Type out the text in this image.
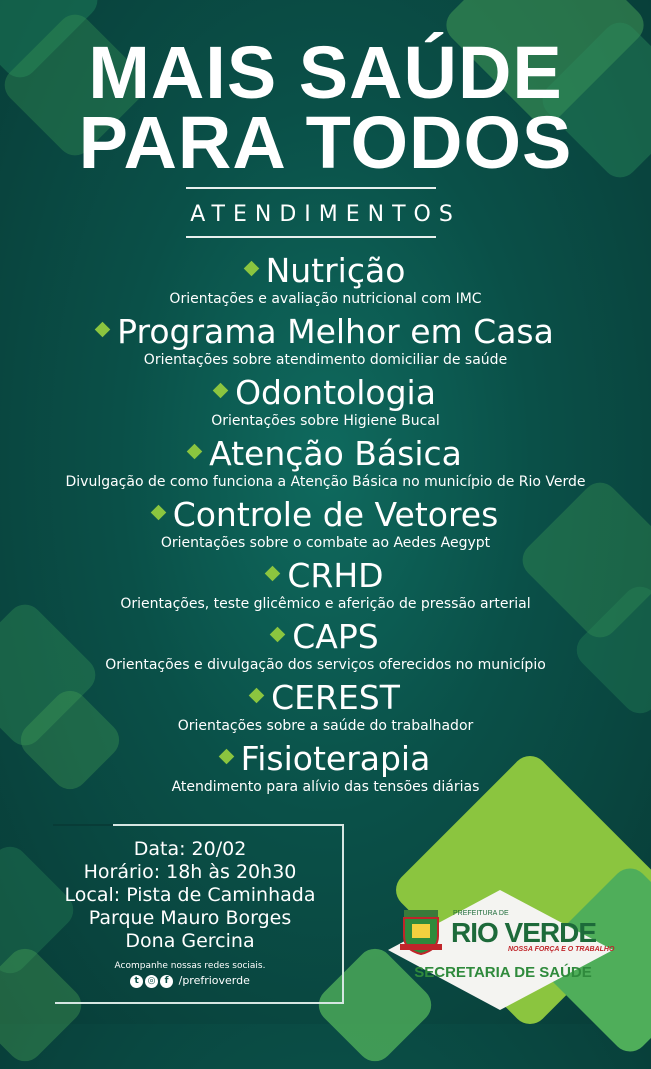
MAIS SAÚDE
PARA TODOS
ATENDIMENTOS
Nutrição
Orientações e avaliação nutricional com IMC
Programa Melhor em Casa
Orientações sobre atendimento domiciliar de saúde
Odontologia
Orientações sobre Higiene Bucal
Atenção Básica
Divulgação de como funciona a Atenção Básica no município de Rio Verde
Controle de Vetores
Orientações sobre o combate ao Aedes Aegypt
CRHD
Orientações, teste glicêmico e aferição de pressão arterial
CAPS
Orientações e divulgação dos serviços oferecidos no município
CEREST
Orientações sobre a saúde do trabalhador
Fisioterapia
Atendimento para alívio das tensões diárias
Data: 20/02
Horário: 18h às 20h30
Local: Pista de Caminhada
Parque Mauro Borges
Dona Gercina
Acompanhe nossas redes sociais.
t ◎ f /prefrioverde
PREFEITURA DE
RIO VERDE
NOSSA FORÇA E O TRABALHO
SECRETARIA DE SAÚDE
